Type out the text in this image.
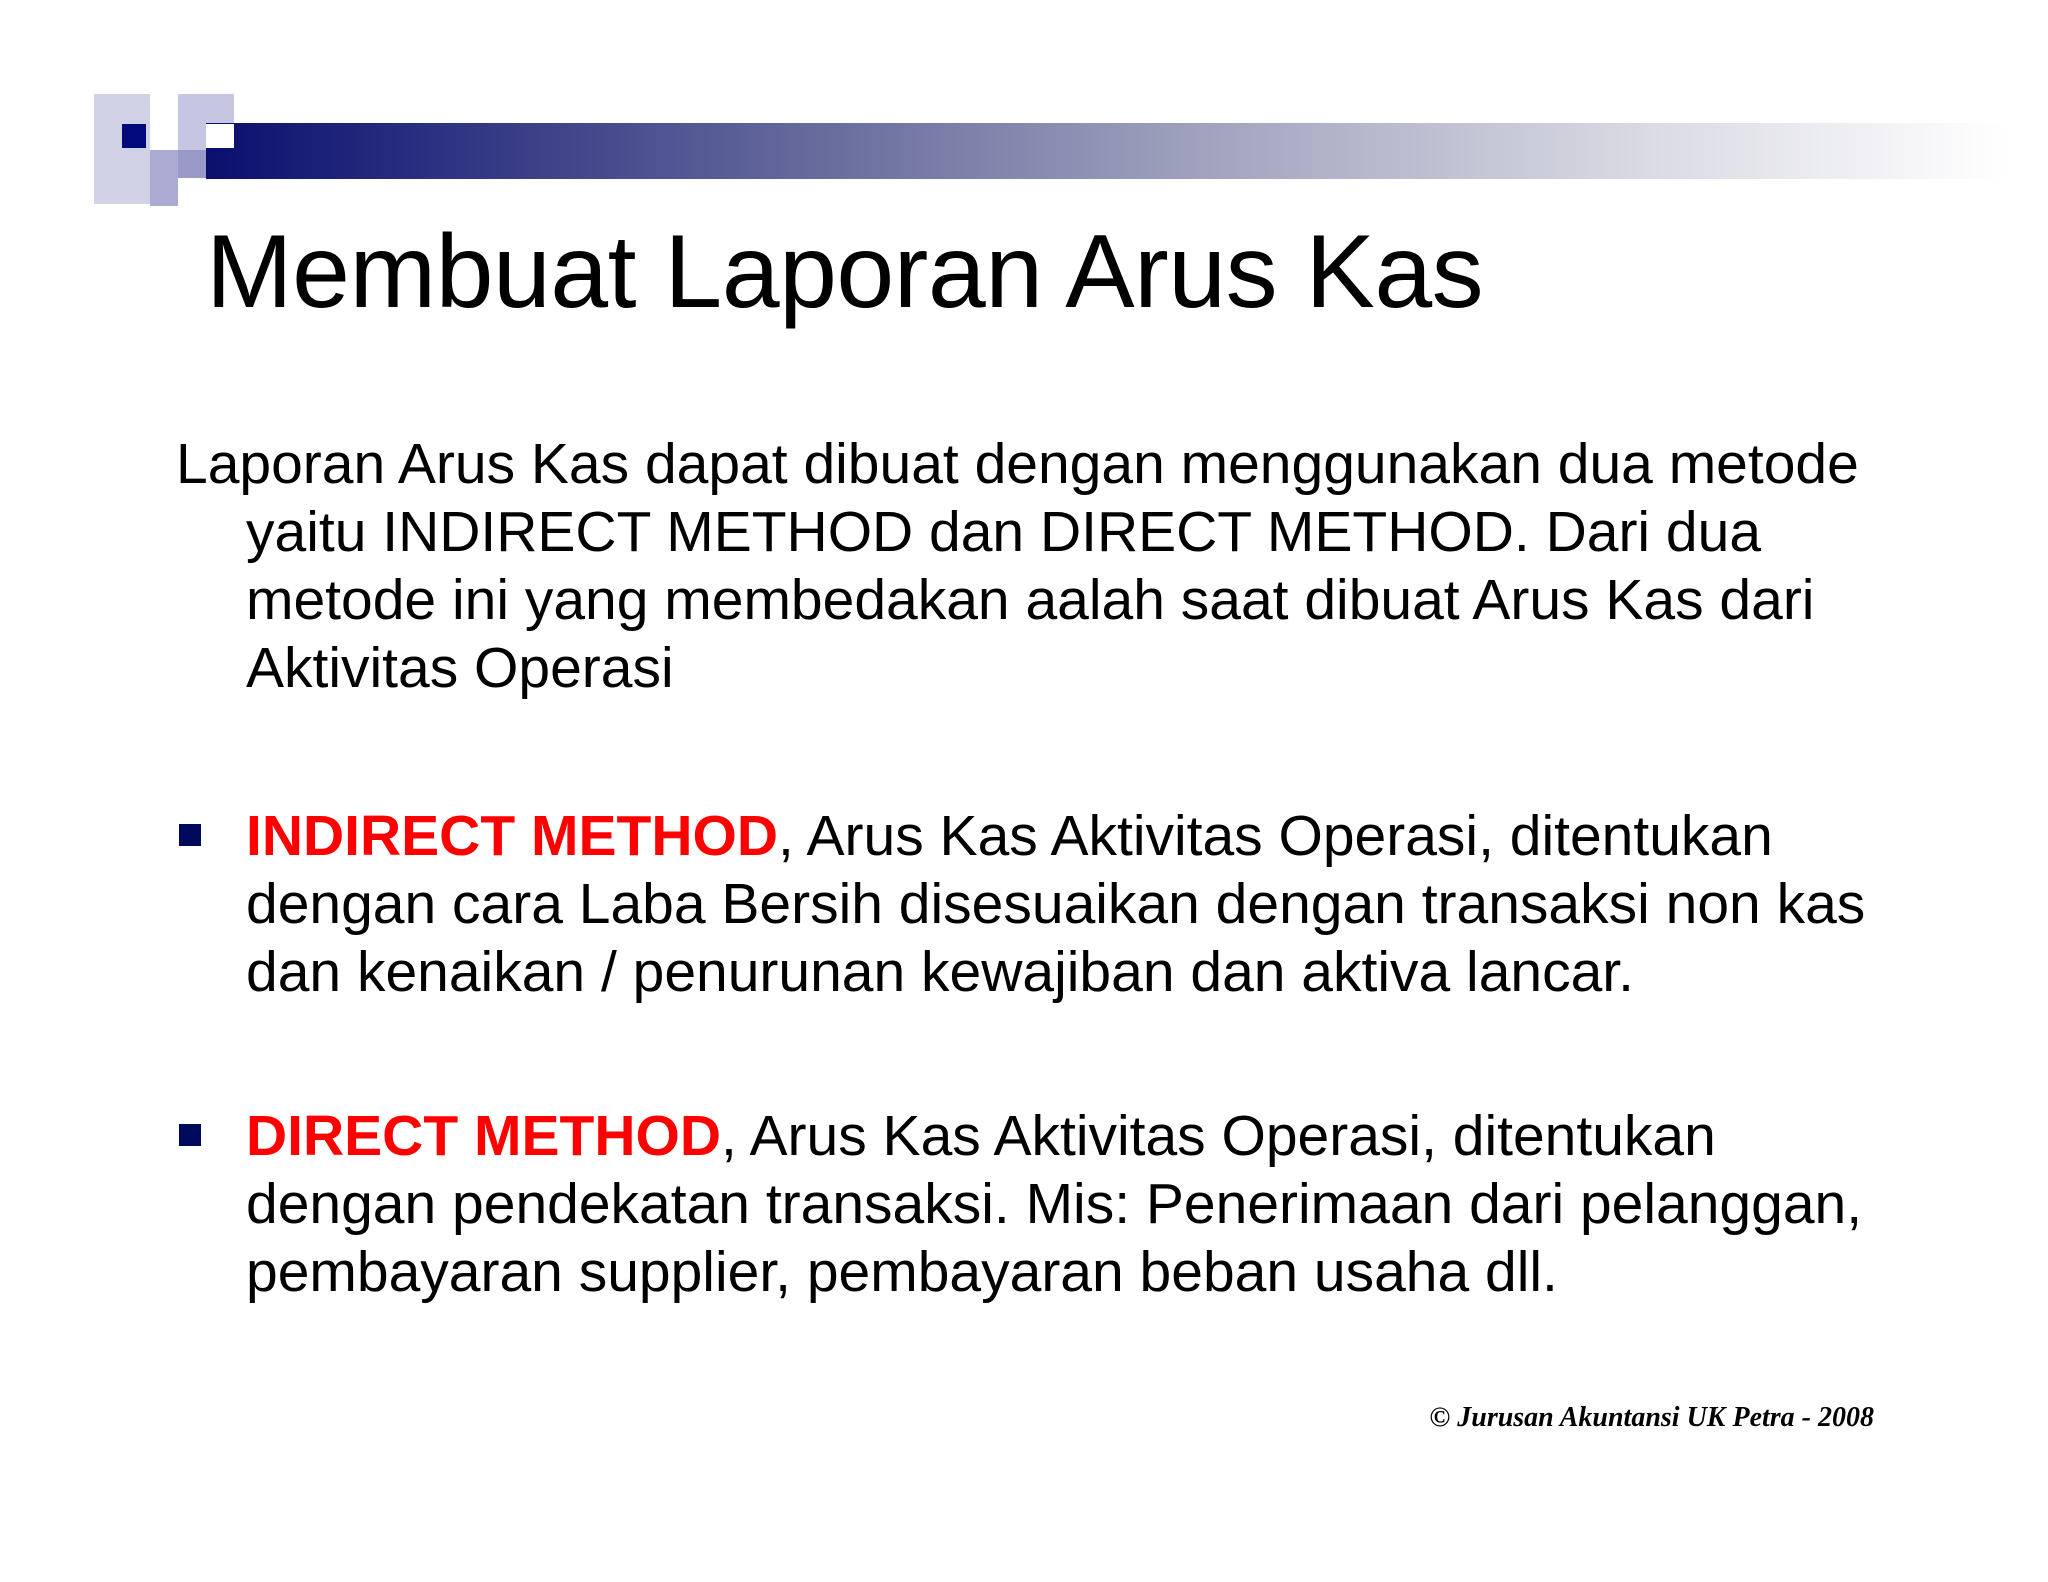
Membuat Laporan Arus Kas

Laporan Arus Kas dapat dibuat dengan menggunakan dua metode yaitu INDIRECT METHOD dan DIRECT METHOD. Dari dua metode ini yang membedakan aalah saat dibuat Arus Kas dari Aktivitas Operasi

INDIRECT METHOD, Arus Kas Aktivitas Operasi, ditentukan dengan cara Laba Bersih disesuaikan dengan transaksi non kas dan kenaikan / penurunan kewajiban dan aktiva lancar.

DIRECT METHOD, Arus Kas Aktivitas Operasi, ditentukan dengan pendekatan transaksi. Mis: Penerimaan dari pelanggan, pembayaran supplier, pembayaran beban usaha dll.

© Jurusan Akuntansi UK Petra - 2008
